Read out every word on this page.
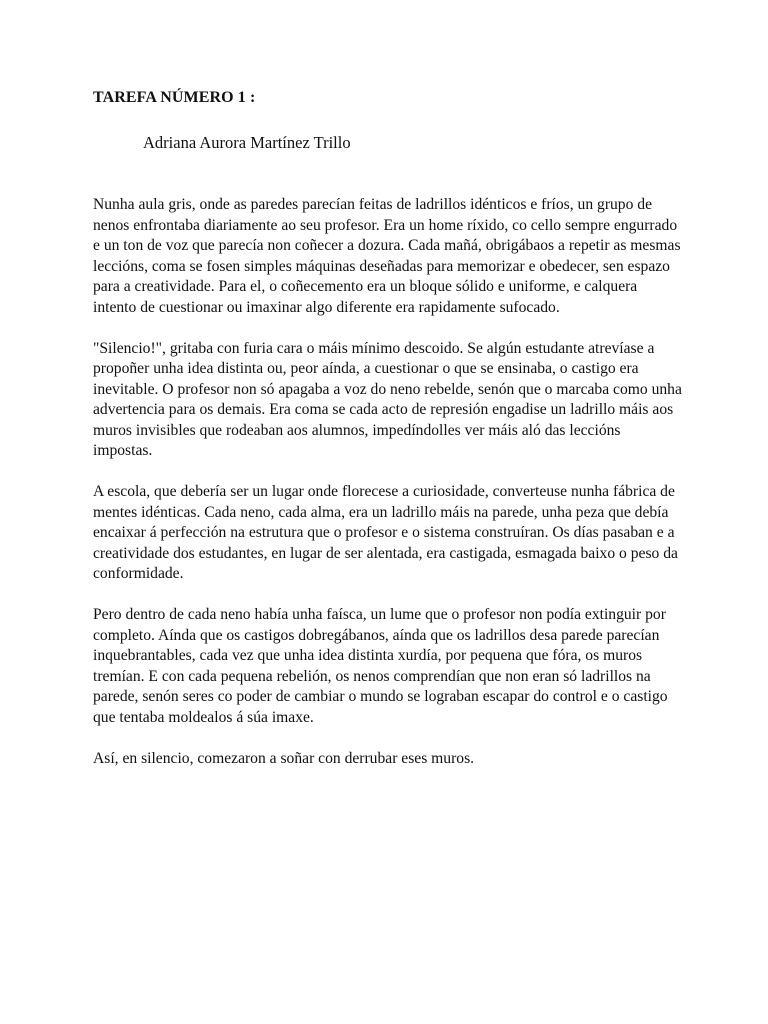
TAREFA NÚMERO 1 :

Adriana Aurora Martínez Trillo

Nunha aula gris, onde as paredes parecían feitas de ladrillos idénticos e fríos, un grupo de nenos enfrontaba diariamente ao seu profesor. Era un home ríxido, co cello sempre engurrado e un ton de voz que parecía non coñecer a dozura. Cada mañá, obrigábaos a repetir as mesmas leccións, coma se fosen simples máquinas deseñadas para memorizar e obedecer, sen espazo para a creatividade. Para el, o coñecemento era un bloque sólido e uniforme, e calquera intento de cuestionar ou imaxinar algo diferente era rapidamente sufocado.

"Silencio!", gritaba con furia cara o máis mínimo descoido. Se algún estudante atrevíase a propoñer unha idea distinta ou, peor aínda, a cuestionar o que se ensinaba, o castigo era inevitable. O profesor non só apagaba a voz do neno rebelde, senón que o marcaba como unha advertencia para os demais. Era coma se cada acto de represión engadise un ladrillo máis aos muros invisibles que rodeaban aos alumnos, impedíndolles ver máis aló das leccións impostas.

A escola, que debería ser un lugar onde florecese a curiosidade, converteuse nunha fábrica de mentes idénticas. Cada neno, cada alma, era un ladrillo máis na parede, unha peza que debía encaixar á perfección na estrutura que o profesor e o sistema construíran. Os días pasaban e a creatividade dos estudantes, en lugar de ser alentada, era castigada, esmagada baixo o peso da conformidade.

Pero dentro de cada neno había unha faísca, un lume que o profesor non podía extinguir por completo. Aínda que os castigos dobregábanos, aínda que os ladrillos desa parede parecían inquebrantables, cada vez que unha idea distinta xurdía, por pequena que fóra, os muros tremían. E con cada pequena rebelión, os nenos comprendían que non eran só ladrillos na parede, senón seres co poder de cambiar o mundo se lograban escapar do control e o castigo que tentaba moldealos á súa imaxe.

Así, en silencio, comezaron a soñar con derrubar eses muros.
